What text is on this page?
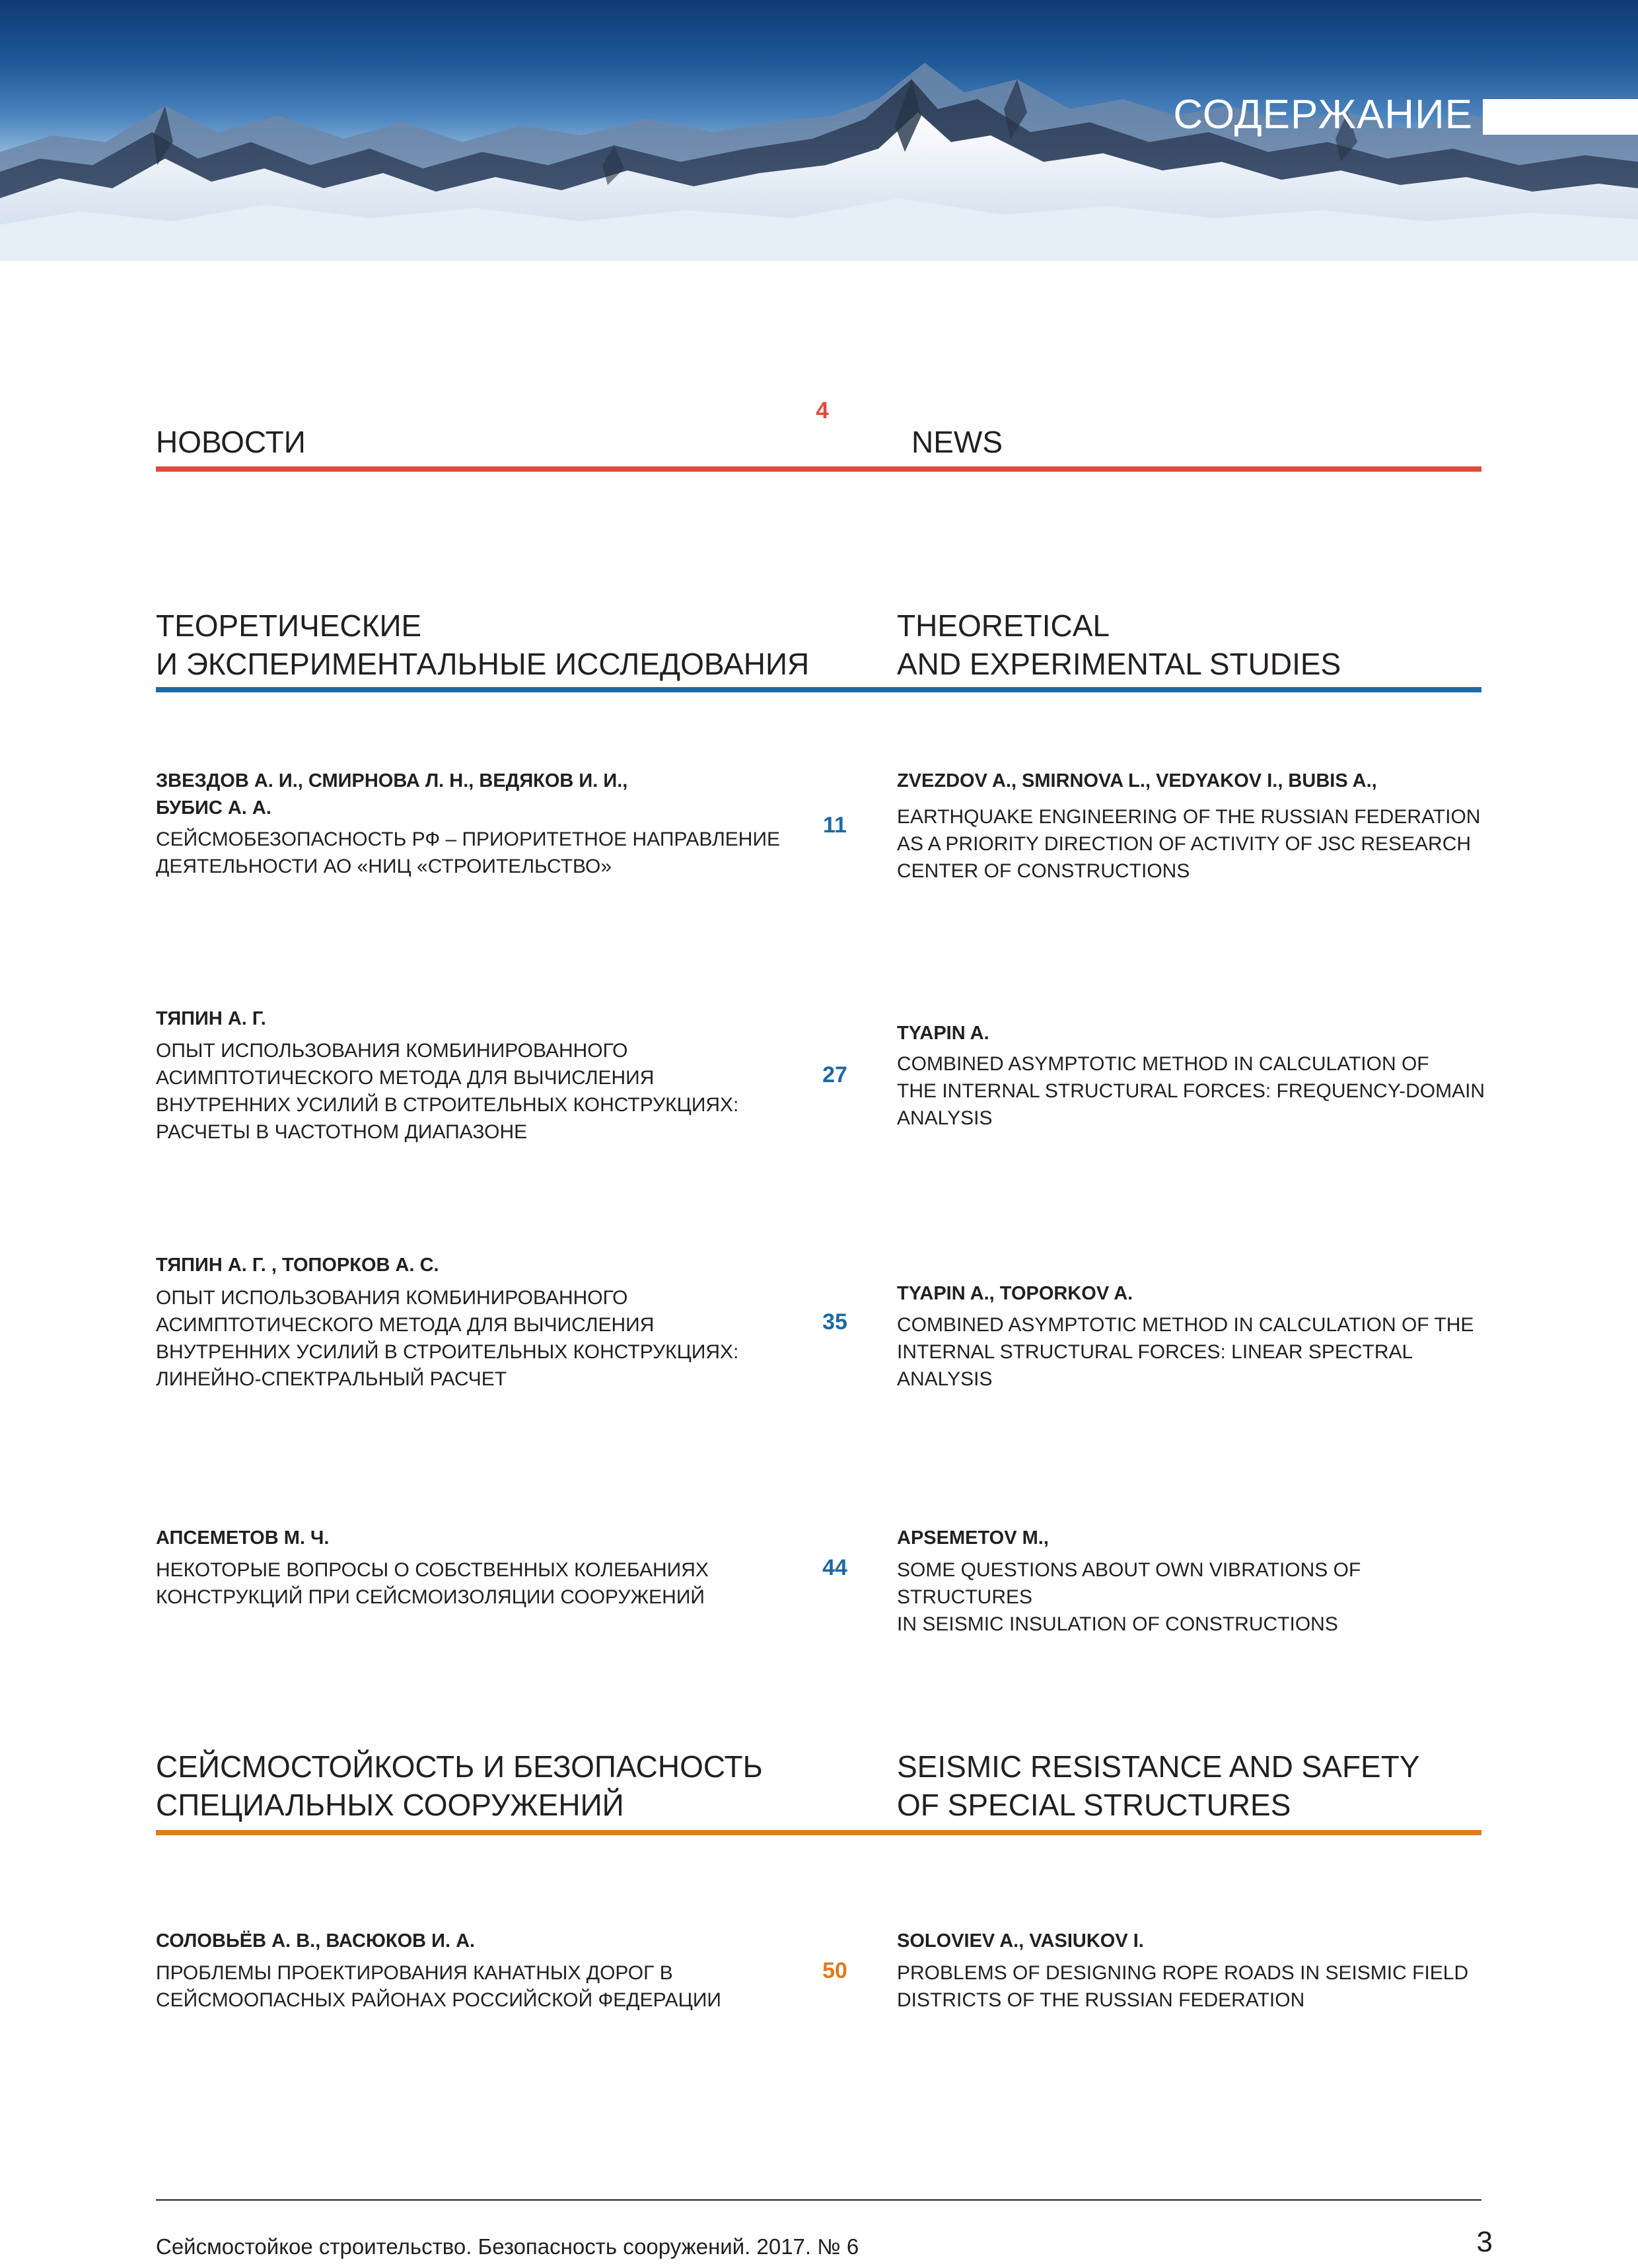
СОДЕРЖАНИЕ
НОВОСТИ
4
NEWS
ТЕОРЕТИЧЕСКИЕ
И ЭКСПЕРИМЕНТАЛЬНЫЕ ИССЛЕДОВАНИЯ
THEORETICAL
AND EXPERIMENTAL STUDIES
ЗВЕЗДОВ А. И., СМИРНОВА Л. Н., ВЕДЯКОВ И. И.,
БУБИС А. А.
СЕЙСМОБЕЗОПАСНОСТЬ РФ – ПРИОРИТЕТНОЕ НАПРАВЛЕНИЕ
ДЕЯТЕЛЬНОСТИ АО «НИЦ «СТРОИТЕЛЬСТВО»
11
ZVEZDOV A., SMIRNOVA L., VEDYAKOV I., BUBIS A.,
EARTHQUAKE ENGINEERING OF THE RUSSIAN FEDERATION
AS A PRIORITY DIRECTION OF ACTIVITY OF JSC RESEARCH
CENTER OF CONSTRUCTIONS
ТЯПИН А. Г.
ОПЫТ ИСПОЛЬЗОВАНИЯ КОМБИНИРОВАННОГО
АСИМПТОТИЧЕСКОГО МЕТОДА ДЛЯ ВЫЧИСЛЕНИЯ
ВНУТРЕННИХ УСИЛИЙ В СТРОИТЕЛЬНЫХ КОНСТРУКЦИЯХ:
РАСЧЕТЫ В ЧАСТОТНОМ ДИАПАЗОНЕ
27
TYAPIN A.
COMBINED ASYMPTOTIC METHOD IN CALCULATION OF
THE INTERNAL STRUCTURAL FORCES: FREQUENCY-DOMAIN
ANALYSIS
ТЯПИН А. Г. , ТОПОРКОВ А. С.
ОПЫТ ИСПОЛЬЗОВАНИЯ КОМБИНИРОВАННОГО
АСИМПТОТИЧЕСКОГО МЕТОДА ДЛЯ ВЫЧИСЛЕНИЯ
ВНУТРЕННИХ УСИЛИЙ В СТРОИТЕЛЬНЫХ КОНСТРУКЦИЯХ:
ЛИНЕЙНО-СПЕКТРАЛЬНЫЙ РАСЧЕТ
35
TYAPIN A., TOPORKOV A.
COMBINED ASYMPTOTIC METHOD IN CALCULATION OF THE
INTERNAL STRUCTURAL FORCES: LINEAR SPECTRAL ANALYSIS
АПСЕМЕТОВ М. Ч.
НЕКОТОРЫЕ ВОПРОСЫ О СОБСТВЕННЫХ КОЛЕБАНИЯХ
КОНСТРУКЦИЙ ПРИ СЕЙСМОИЗОЛЯЦИИ СООРУЖЕНИЙ
44
APSEMETOV M.,
SOME QUESTIONS ABOUT OWN VIBRATIONS OF STRUCTURES
IN SEISMIC INSULATION OF CONSTRUCTIONS
СЕЙСМОСТОЙКОСТЬ И БЕЗОПАСНОСТЬ
СПЕЦИАЛЬНЫХ СООРУЖЕНИЙ
SEISMIC RESISTANCE AND SAFETY
OF SPECIAL STRUCTURES
СОЛОВЬЁВ А. В., ВАСЮКОВ И. А.
ПРОБЛЕМЫ ПРОЕКТИРОВАНИЯ КАНАТНЫХ ДОРОГ В
СЕЙСМООПАСНЫХ РАЙОНАХ РОССИЙСКОЙ ФЕДЕРАЦИИ
50
SOLOVIEV A., VASIUKOV I.
PROBLEMS OF DESIGNING ROPE ROADS IN SEISMIC FIELD
DISTRICTS OF THE RUSSIAN FEDERATION
Сейсмостойкое строительство. Безопасность сооружений. 2017. № 6	3
